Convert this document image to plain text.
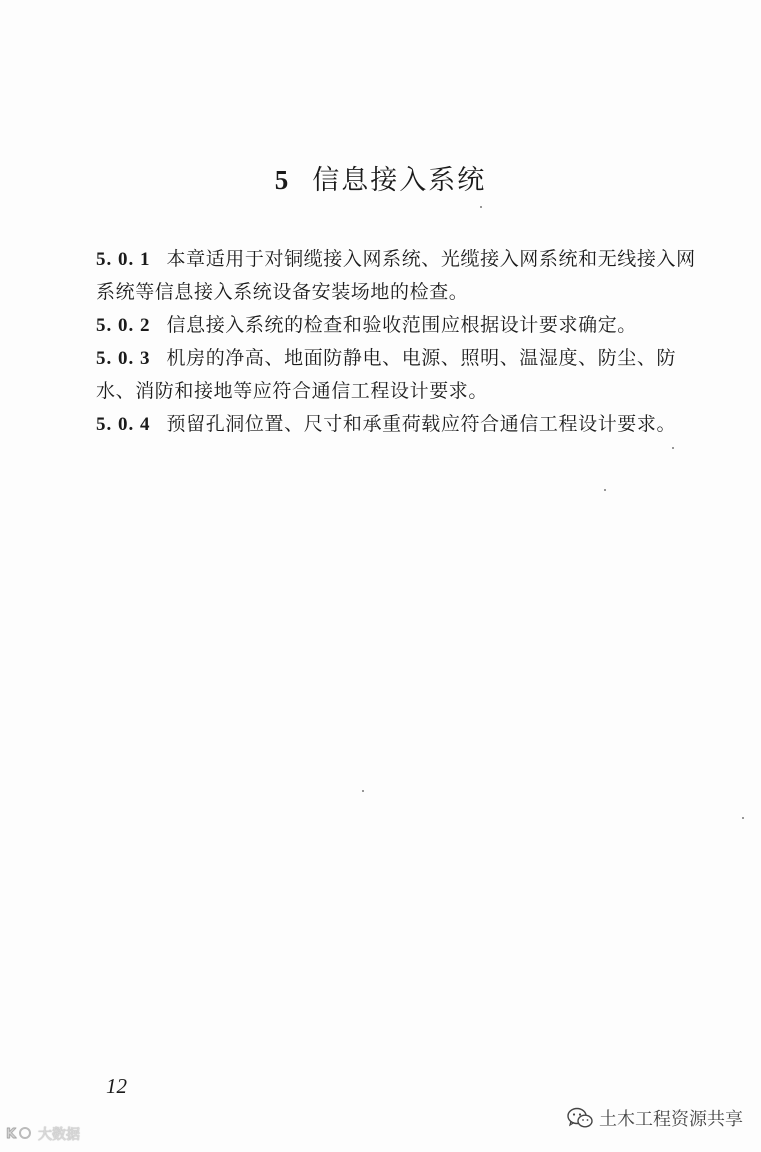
5 信息接入系统

5. 0. 1 本章适用于对铜缆接入网系统、光缆接入网系统和无线接入网系统等信息接入系统设备安装场地的检查。

5. 0. 2 信息接入系统的检查和验收范围应根据设计要求确定。

5. 0. 3 机房的净高、地面防静电、电源、照明、温湿度、防尘、防水、消防和接地等应符合通信工程设计要求。

5. 0. 4 预留孔洞位置、尺寸和承重荷载应符合通信工程设计要求。

12
K 大数据
土木工程资源共享
